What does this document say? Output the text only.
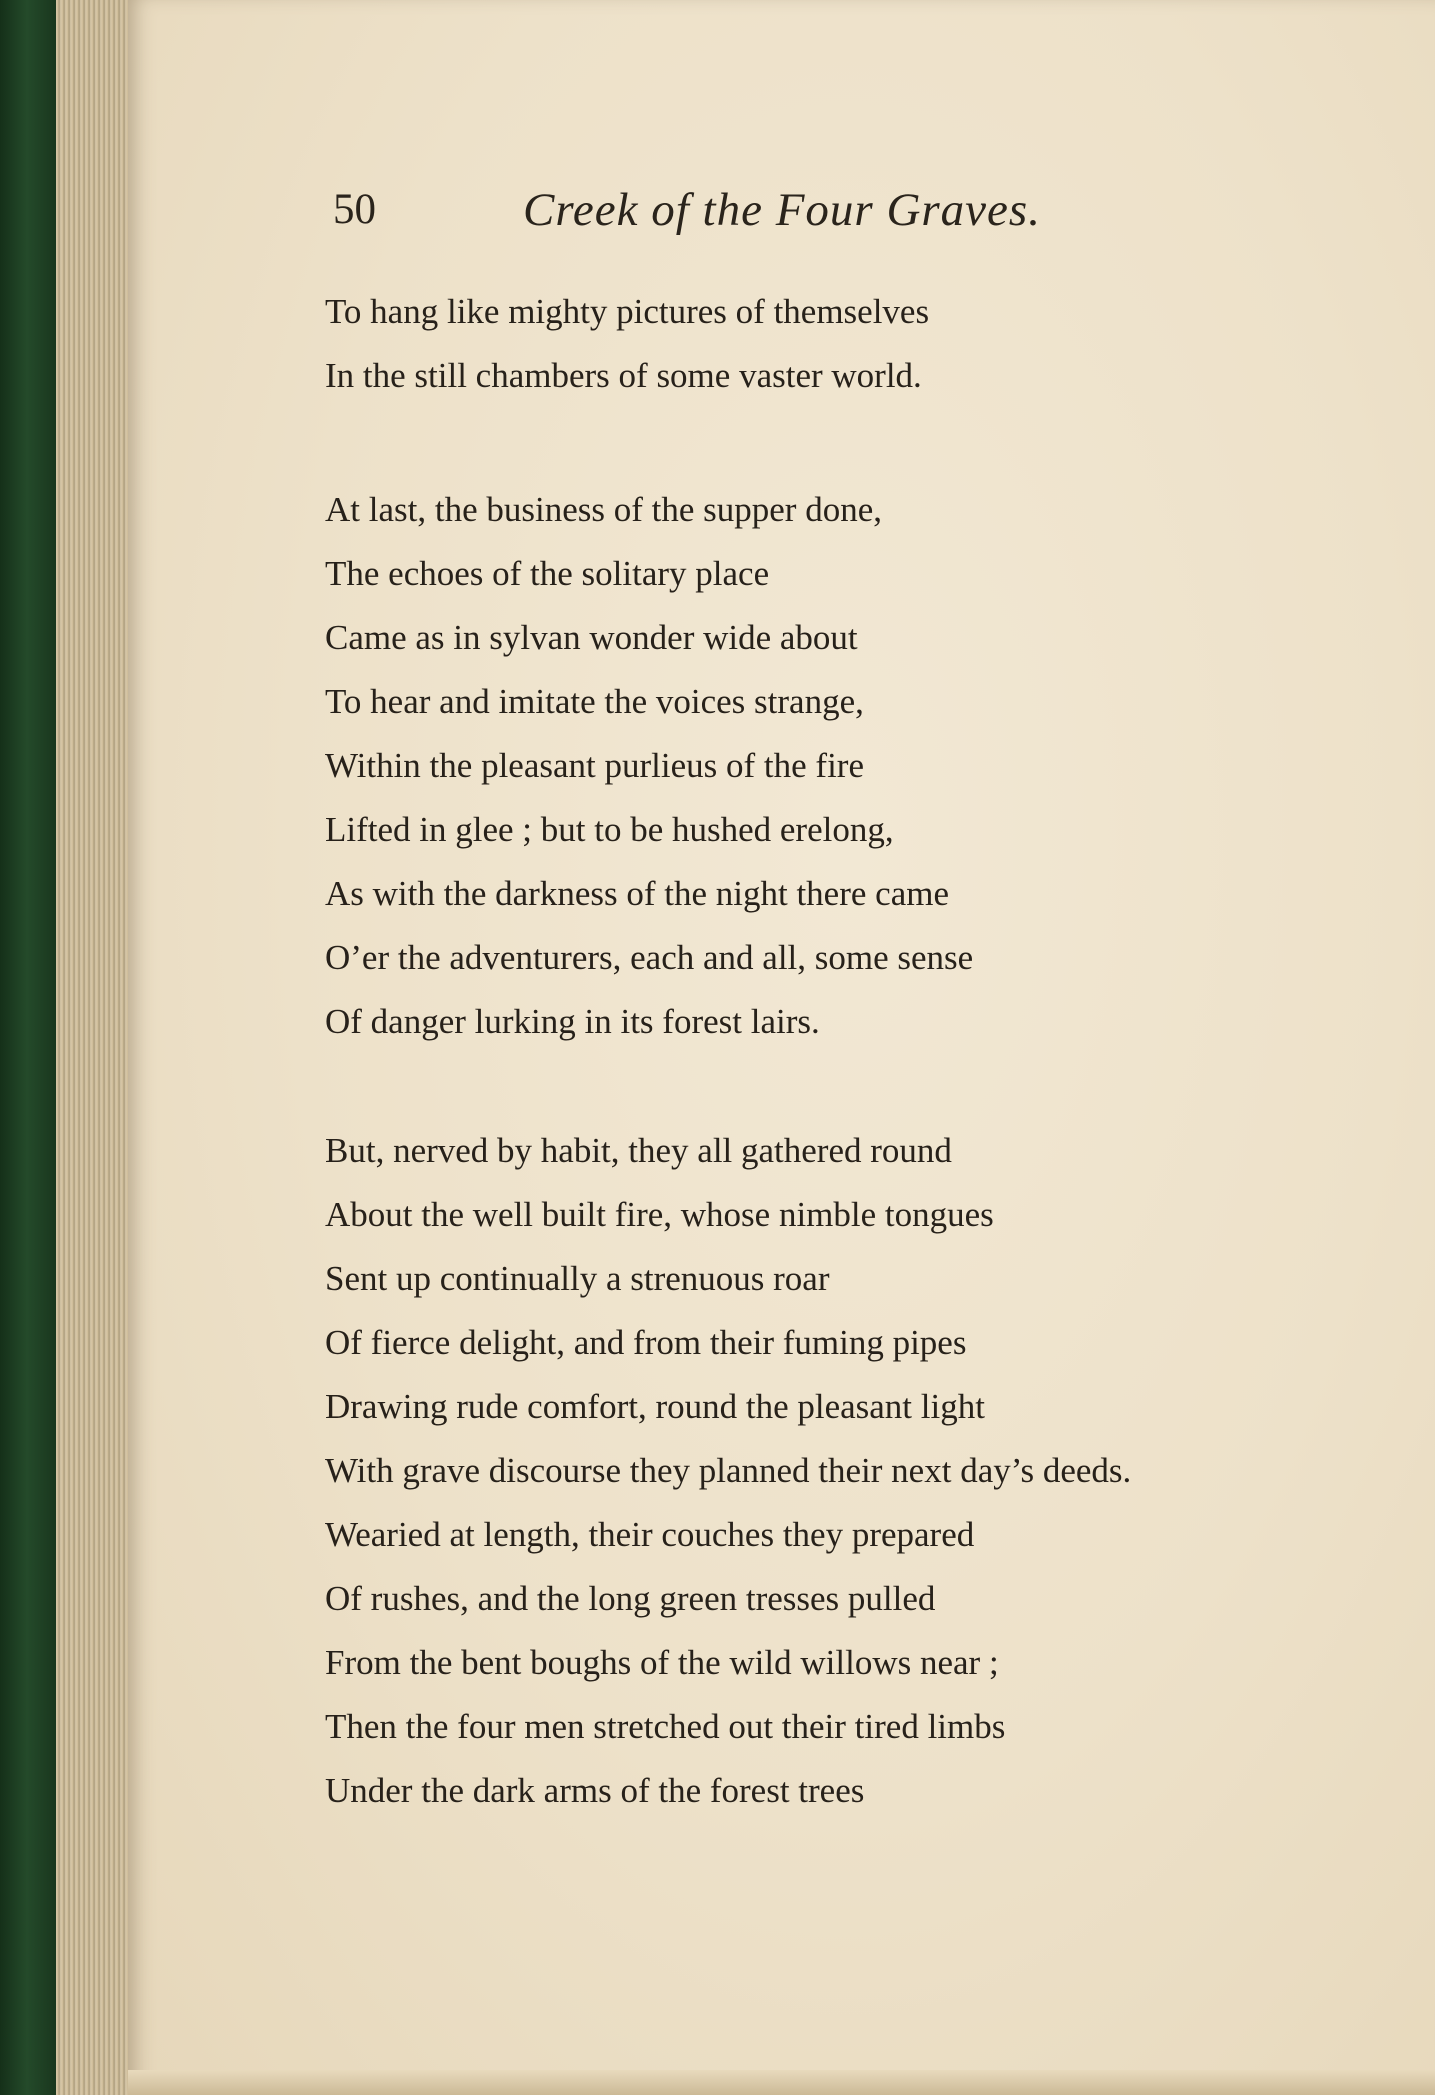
50	Creek of the Four Graves.
To hang like mighty pictures of themselves
In the still chambers of some vaster world.
At last, the business of the supper done,
The echoes of the solitary place
Came as in sylvan wonder wide about
To hear and imitate the voices strange,
Within the pleasant purlieus of the fire
Lifted in glee ; but to be hushed erelong,
As with the darkness of the night there came
O’er the adventurers, each and all, some sense
Of danger lurking in its forest lairs.
But, nerved by habit, they all gathered round
About the well built fire, whose nimble tongues
Sent up continually a strenuous roar
Of fierce delight, and from their fuming pipes
Drawing rude comfort, round the pleasant light
With grave discourse they planned their next day’s deeds.
Wearied at length, their couches they prepared
Of rushes, and the long green tresses pulled
From the bent boughs of the wild willows near ;
Then the four men stretched out their tired limbs
Under the dark arms of the forest trees
